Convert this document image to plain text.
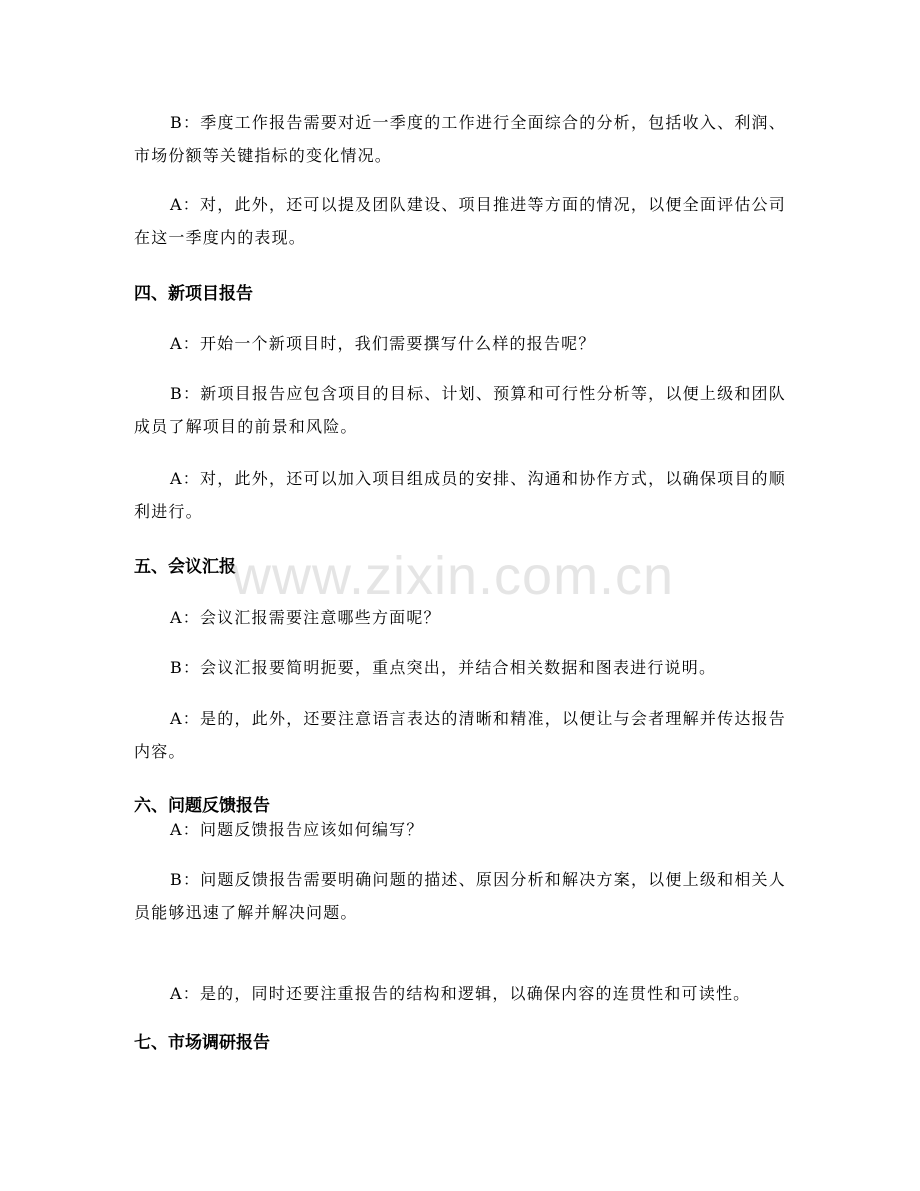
B：季度工作报告需要对近一季度的工作进行全面综合的分析，包括收入、利润、市场份额等关键指标的变化情况。

A：对，此外，还可以提及团队建设、项目推进等方面的情况，以便全面评估公司在这一季度内的表现。

四、新项目报告

A：开始一个新项目时，我们需要撰写什么样的报告呢？

B：新项目报告应包含项目的目标、计划、预算和可行性分析等，以便上级和团队成员了解项目的前景和风险。

A：对，此外，还可以加入项目组成员的安排、沟通和协作方式，以确保项目的顺利进行。

五、会议汇报

A：会议汇报需要注意哪些方面呢？

B：会议汇报要简明扼要，重点突出，并结合相关数据和图表进行说明。

A：是的，此外，还要注意语言表达的清晰和精准，以便让与会者理解并传达报告内容。

六、问题反馈报告

A：问题反馈报告应该如何编写？

B：问题反馈报告需要明确问题的描述、原因分析和解决方案，以便上级和相关人员能够迅速了解并解决问题。

A：是的，同时还要注重报告的结构和逻辑，以确保内容的连贯性和可读性。

七、市场调研报告
www.zixin.com.cn
